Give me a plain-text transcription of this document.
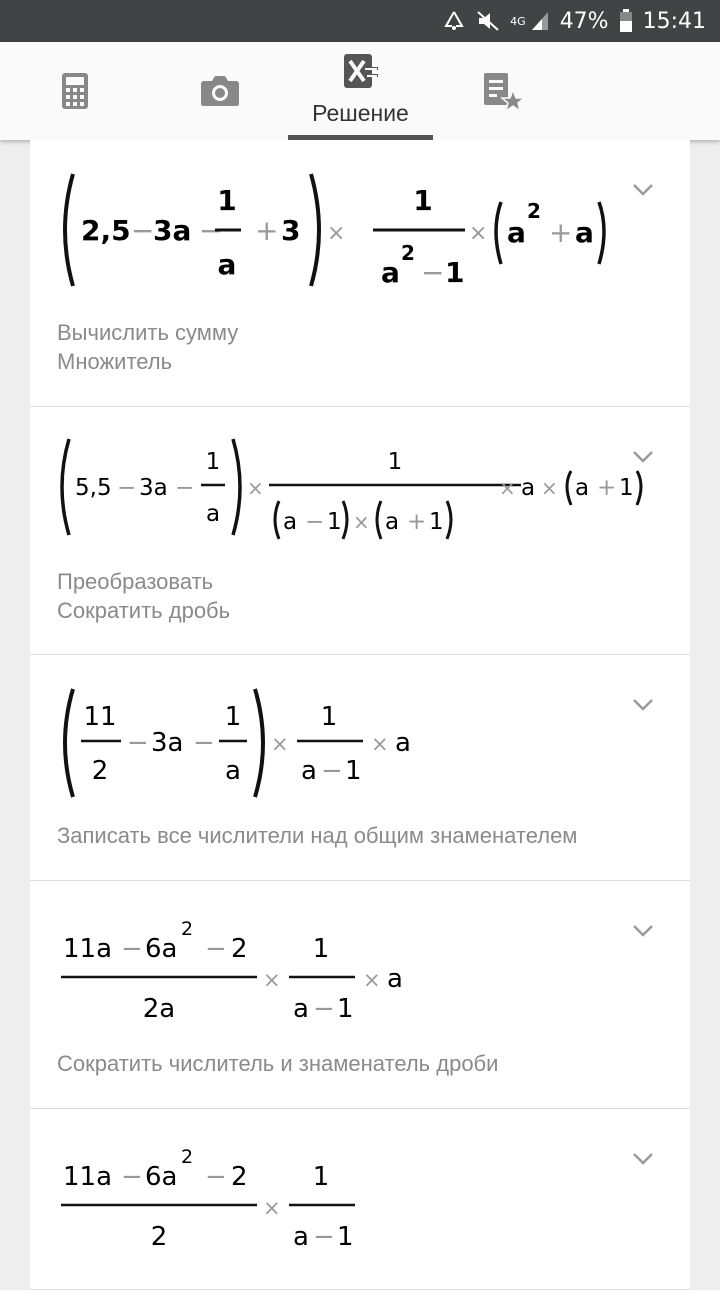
4G 47% 15:41
Решение
2,5 −
3a −
1
a
+ 3 ×
1
a
2
− 1
× a
2
+ a
Вычислить сумму
Множитель
5,5 − 3a −
1
a
×
1
a − 1 × a + 1
× a × a + 1
Преобразовать
Сократить дробь
11
2
− 3a −
1
a
×
1
a − 1
× a
Записать все числители над общим знаменателем
11a − 6a
2
− 2
2a
×
1
a − 1
× a
Сократить числитель и знаменатель дроби
11a − 6a
2
− 2
2
×
1
a − 1
